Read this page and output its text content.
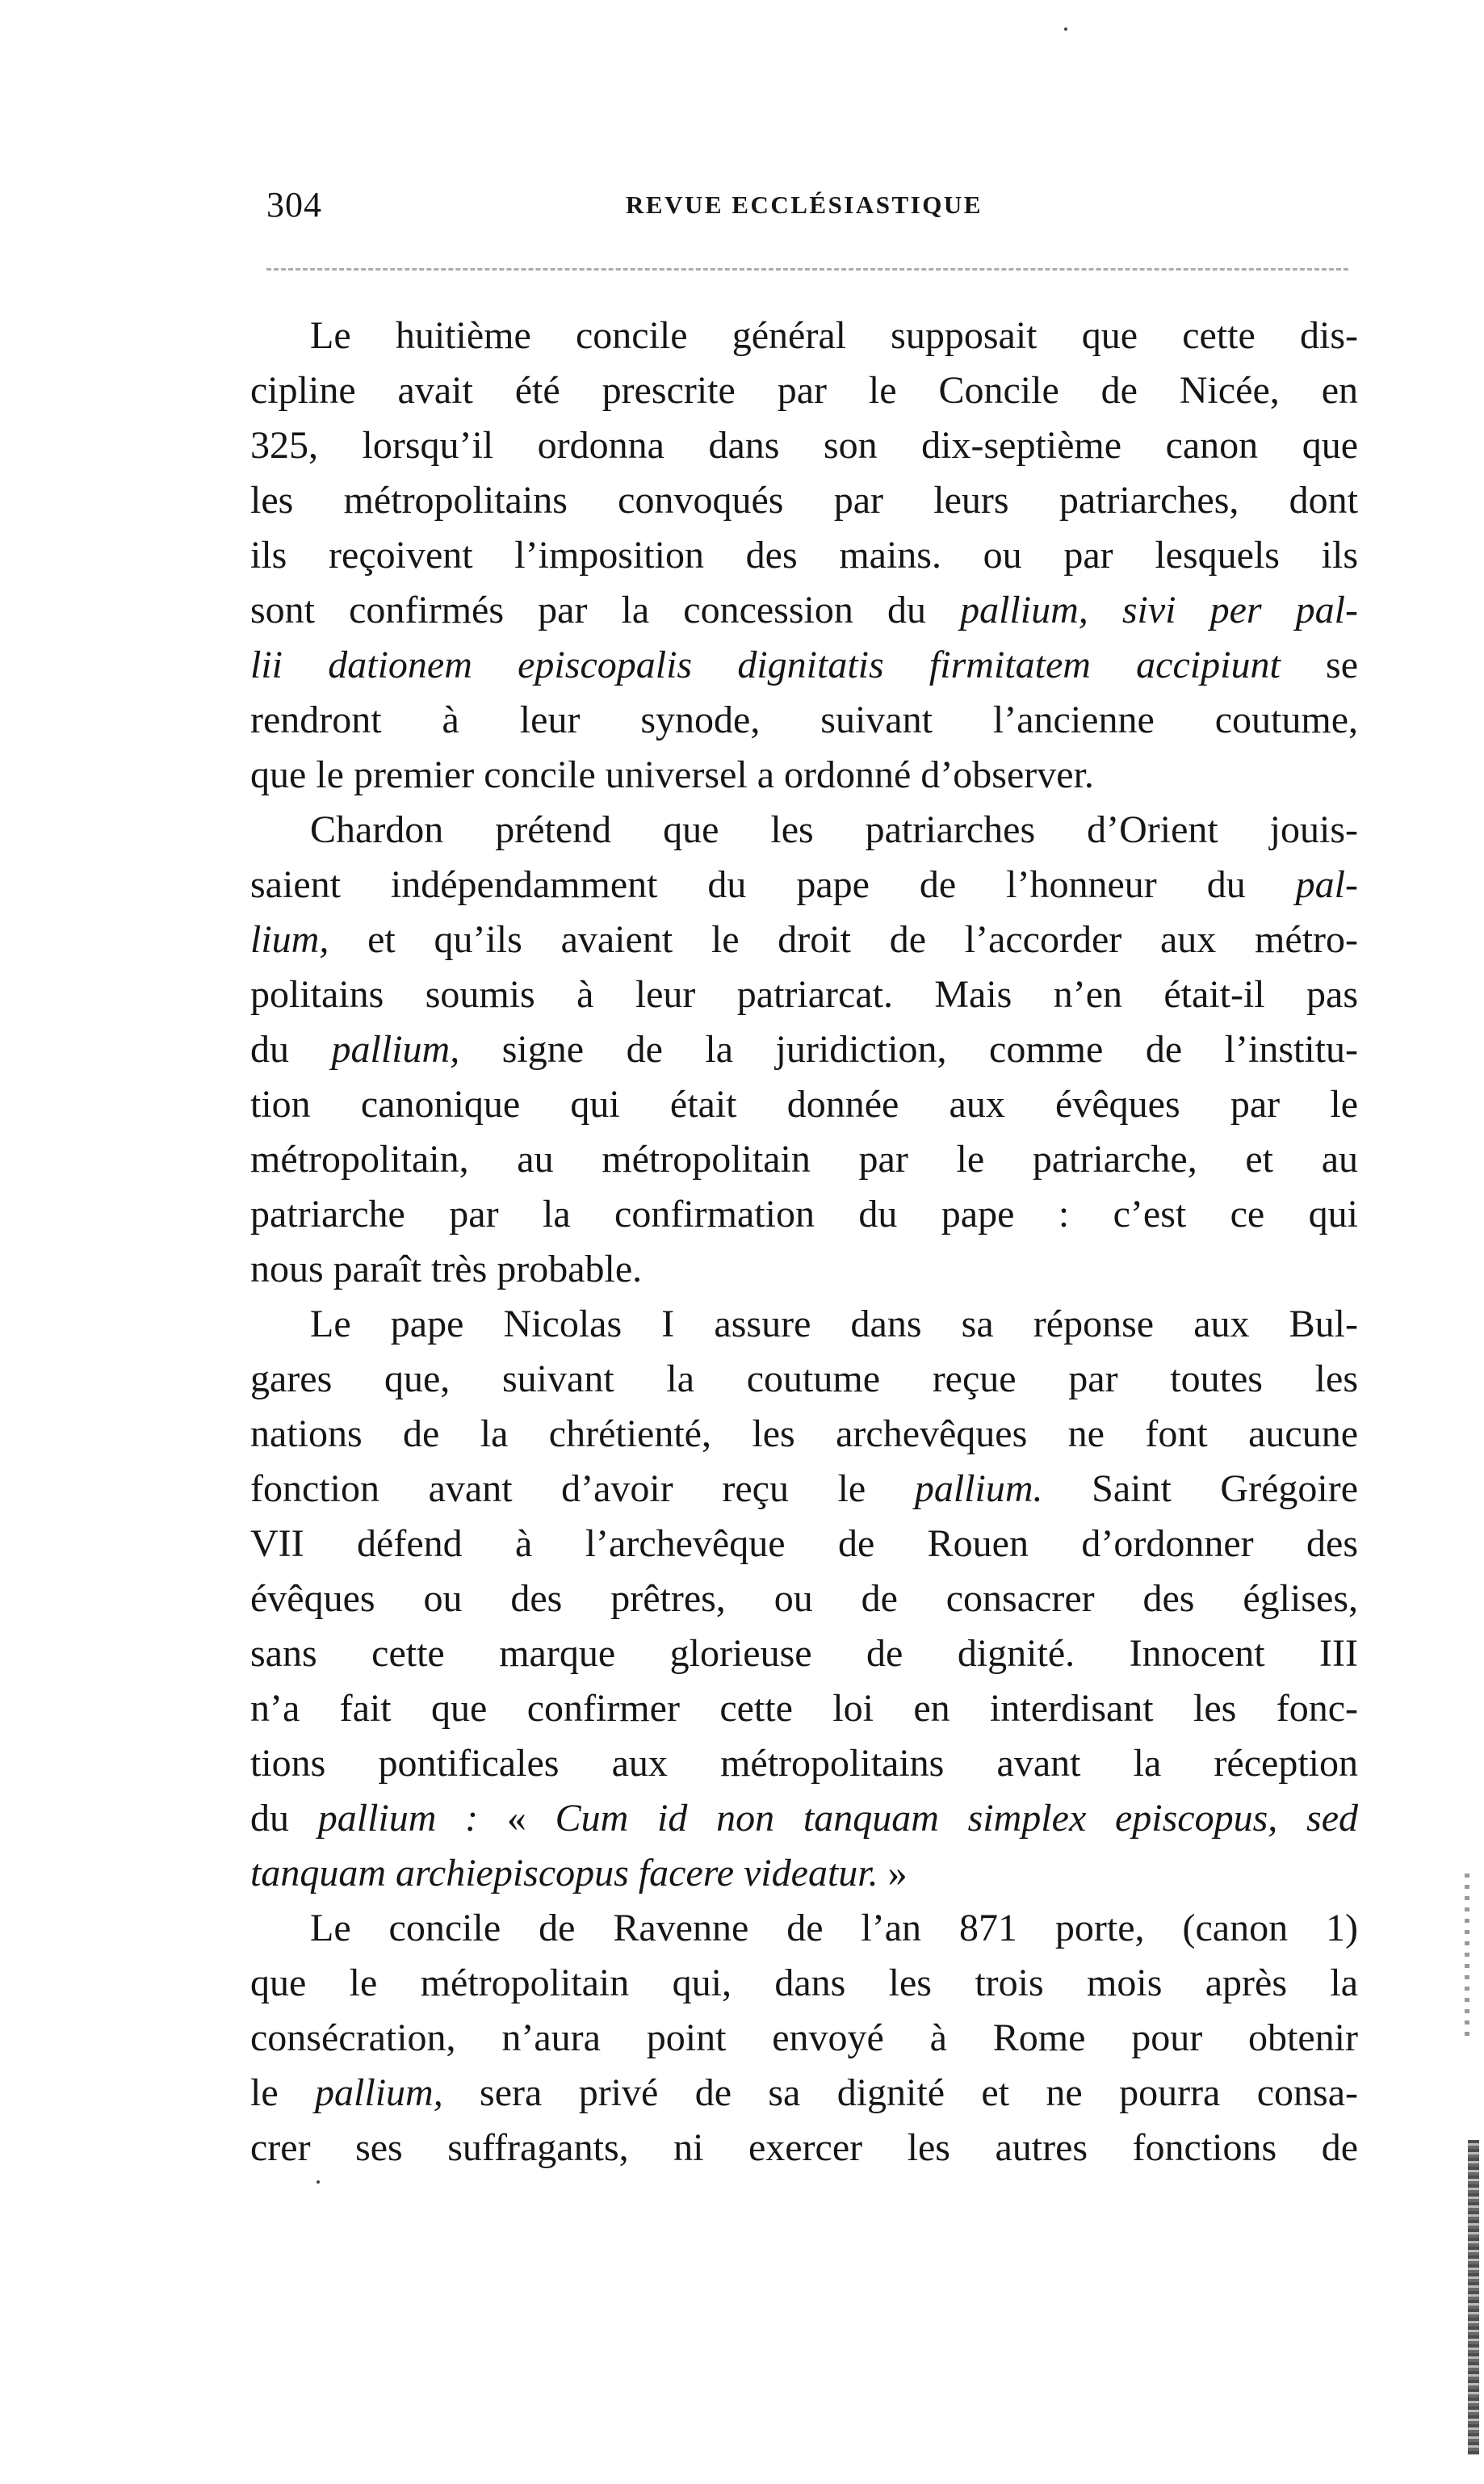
304	REVUE ECCLÉSIASTIQUE
Le huitième concile général supposait que cette dis-
cipline avait été prescrite par le Concile de Nicée, en
325, lorsqu’il ordonna dans son dix-septième canon que
les métropolitains convoqués par leurs patriarches, dont
ils reçoivent l’imposition des mains. ou par lesquels ils
sont confirmés par la concession du pallium, sivi per pal-
lii dationem episcopalis dignitatis firmitatem accipiunt se
rendront à leur synode, suivant l’ancienne coutume,
que le premier concile universel a ordonné d’observer.
Chardon prétend que les patriarches d’Orient jouis-
saient indépendamment du pape de l’honneur du pal-
lium, et qu’ils avaient le droit de l’accorder aux métro-
politains soumis à leur patriarcat. Mais n’en était-il pas
du pallium, signe de la juridiction, comme de l’institu-
tion canonique qui était donnée aux évêques par le
métropolitain, au métropolitain par le patriarche, et au
patriarche par la confirmation du pape : c’est ce qui
nous paraît très probable.
Le pape Nicolas I assure dans sa réponse aux Bul-
gares que, suivant la coutume reçue par toutes les
nations de la chrétienté, les archevêques ne font aucune
fonction avant d’avoir reçu le pallium. Saint Grégoire
VII défend à l’archevêque de Rouen d’ordonner des
évêques ou des prêtres, ou de consacrer des églises,
sans cette marque glorieuse de dignité. Innocent III
n’a fait que confirmer cette loi en interdisant les fonc-
tions pontificales aux métropolitains avant la réception
du pallium : « Cum id non tanquam simplex episcopus, sed
tanquam archiepiscopus facere videatur. »
Le concile de Ravenne de l’an 871 porte, (canon 1)
que le métropolitain qui, dans les trois mois après la
consécration, n’aura point envoyé à Rome pour obtenir
le pallium, sera privé de sa dignité et ne pourra consa-
crer ses suffragants, ni exercer les autres fonctions de
